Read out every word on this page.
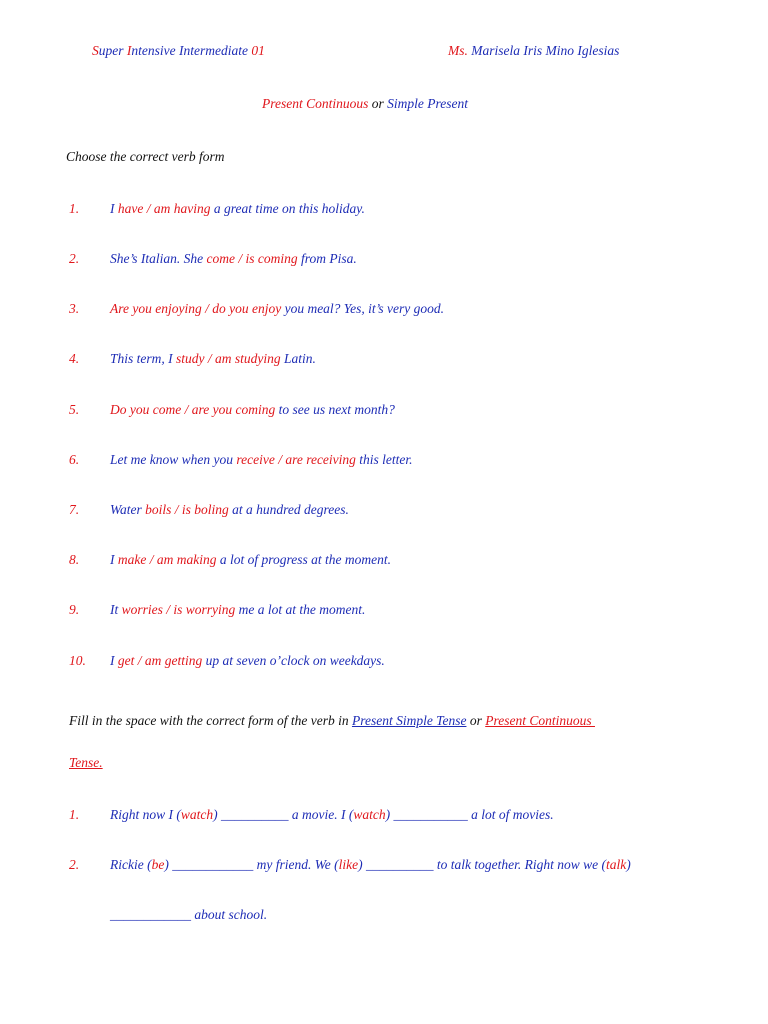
Super Intensive Intermediate 01	Ms. Marisela Iris Mino Iglesias
Present Continuous or Simple Present
Choose the correct verb form
1. I have / am having a great time on this holiday.
2. She’s Italian. She come / is coming from Pisa.
3. Are you enjoying / do you enjoy you meal? Yes, it’s very good.
4. This term, I study / am studying Latin.
5. Do you come / are you coming to see us next month?
6. Let me know when you receive / are receiving this letter.
7. Water boils / is boling at a hundred degrees.
8. I make / am making a lot of progress at the moment.
9. It worries / is worrying me a lot at the moment.
10. I get / am getting up at seven o’clock on weekdays.
Fill in the space with the correct form of the verb in Present Simple Tense or Present Continuous
Tense.
1. Right now I (watch) __________ a movie. I (watch) ___________ a lot of movies.
2. Rickie (be) ____________ my friend. We (like) __________ to talk together. Right now we (talk)
____________ about school.
